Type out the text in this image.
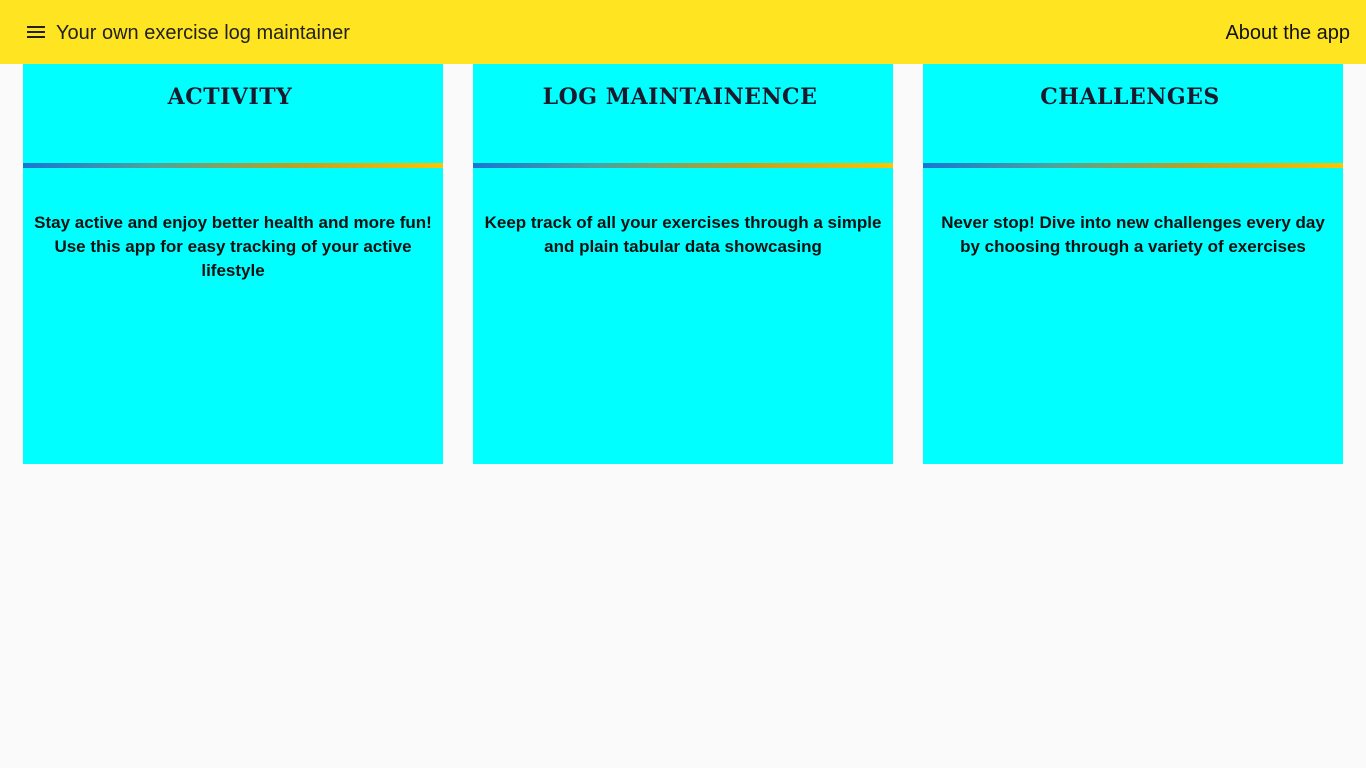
Your own exercise log maintainer	About the app
ACTIVITY
Stay active and enjoy better health and more fun! Use this app for easy tracking of your active lifestyle
LOG MAINTAINENCE
Keep track of all your exercises through a simple and plain tabular data showcasing
CHALLENGES
Never stop! Dive into new challenges every day by choosing through a variety of exercises
